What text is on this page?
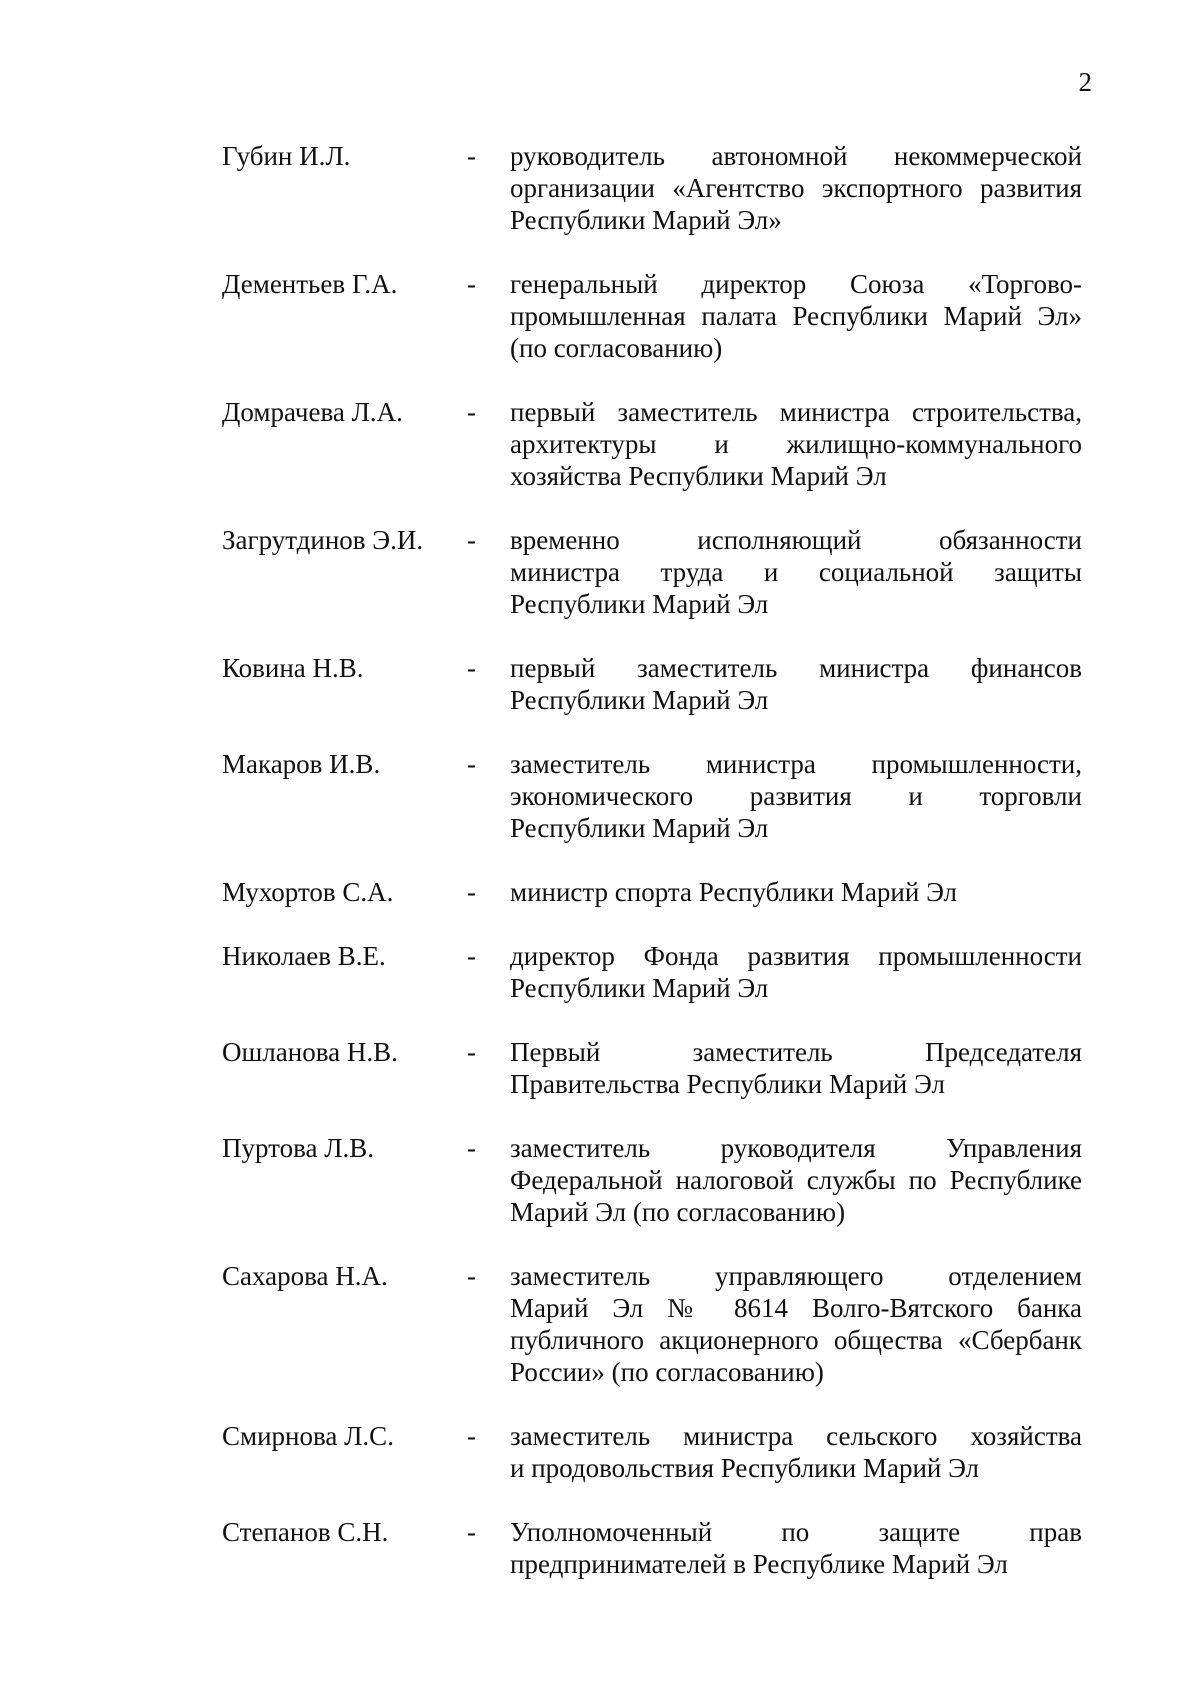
2
Губин И.Л.	-	руководитель автономной некоммерческой
организации «Агентство экспортного развития
Республики Марий Эл»
Дементьев Г.А.	-	генеральный директор Союза «Торгово-
промышленная палата Республики Марий Эл»
(по согласованию)
Домрачева Л.А.	-	первый заместитель министра строительства,
архитектуры и жилищно-коммунального
хозяйства Республики Марий Эл
Загрутдинов Э.И.	-	временно исполняющий обязанности
министра труда и социальной защиты
Республики Марий Эл
Ковина Н.В.	-	первый заместитель министра финансов
Республики Марий Эл
Макаров И.В.	-	заместитель министра промышленности,
экономического развития и торговли
Республики Марий Эл
Мухортов С.А.	-	министр спорта Республики Марий Эл
Николаев В.Е.	-	директор Фонда развития промышленности
Республики Марий Эл
Ошланова Н.В.	-	Первый заместитель Председателя
Правительства Республики Марий Эл
Пуртова Л.В.	-	заместитель руководителя Управления
Федеральной налоговой службы по Республике
Марий Эл (по согласованию)
Сахарова Н.А.	-	заместитель управляющего отделением
Марий Эл № 8614 Волго-Вятского банка
публичного акционерного общества «Сбербанк
России» (по согласованию)
Смирнова Л.С.	-	заместитель министра сельского хозяйства
и продовольствия Республики Марий Эл
Степанов С.Н.	-	Уполномоченный по защите прав
предпринимателей в Республике Марий Эл
